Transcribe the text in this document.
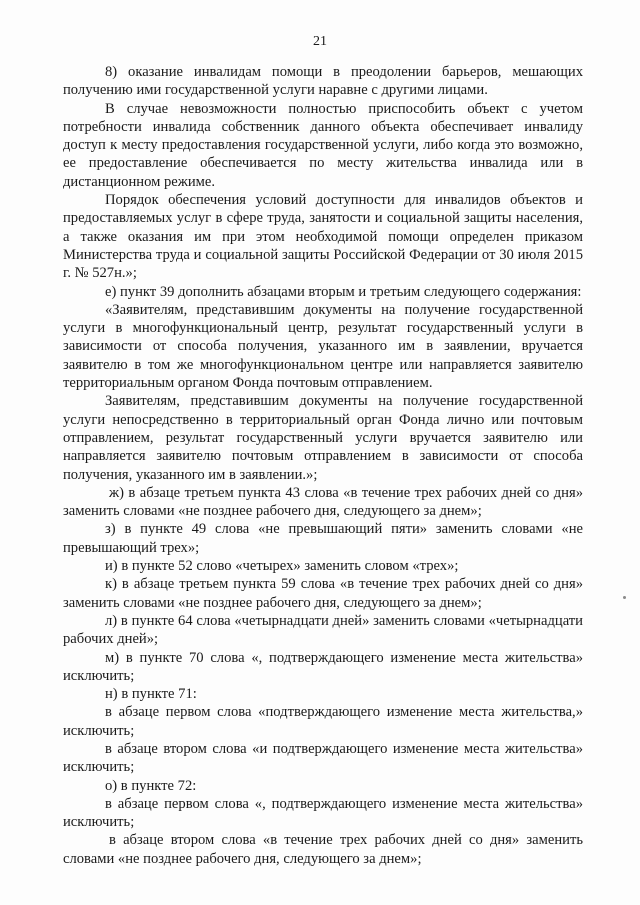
21

8) оказание инвалидам помощи в преодолении барьеров, мешающих получению ими государственной услуги наравне с другими лицами.

В случае невозможности полностью приспособить объект с учетом потребности инвалида собственник данного объекта обеспечивает инвалиду доступ к месту предоставления государственной услуги, либо когда это возможно, ее предоставление обеспечивается по месту жительства инвалида или в дистанционном режиме.

Порядок обеспечения условий доступности для инвалидов объектов и предоставляемых услуг в сфере труда, занятости и социальной защиты населения, а также оказания им при этом необходимой помощи определен приказом Министерства труда и социальной защиты Российской Федерации от 30 июля 2015 г. № 527н.»;

е) пункт 39 дополнить абзацами вторым и третьим следующего содержания:

«Заявителям, представившим документы на получение государственной услуги в многофункциональный центр, результат государственный услуги в зависимости от способа получения, указанного им в заявлении, вручается заявителю в том же многофункциональном центре или направляется заявителю территориальным органом Фонда почтовым отправлением.

Заявителям, представившим документы на получение государственной услуги непосредственно в территориальный орган Фонда лично или почтовым отправлением, результат государственный услуги вручается заявителю или направляется заявителю почтовым отправлением в зависимости от способа получения, указанного им в заявлении.»;

ж) в абзаце третьем пункта 43 слова «в течение трех рабочих дней со дня» заменить словами «не позднее рабочего дня, следующего за днем»;

з) в пункте 49 слова «не превышающий пяти» заменить словами «не превышающий трех»;

и) в пункте 52 слово «четырех» заменить словом «трех»;

к) в абзаце третьем пункта 59 слова «в течение трех рабочих дней со дня» заменить словами «не позднее рабочего дня, следующего за днем»;

л) в пункте 64 слова «четырнадцати дней» заменить словами «четырнадцати рабочих дней»;

м) в пункте 70 слова «, подтверждающего изменение места жительства» исключить;

н) в пункте 71:

в абзаце первом слова «подтверждающего изменение места жительства,» исключить;

в абзаце втором слова «и подтверждающего изменение места жительства» исключить;

о) в пункте 72:

в абзаце первом слова «, подтверждающего изменение места жительства» исключить;

в абзаце втором слова «в течение трех рабочих дней со дня» заменить словами «не позднее рабочего дня, следующего за днем»;
